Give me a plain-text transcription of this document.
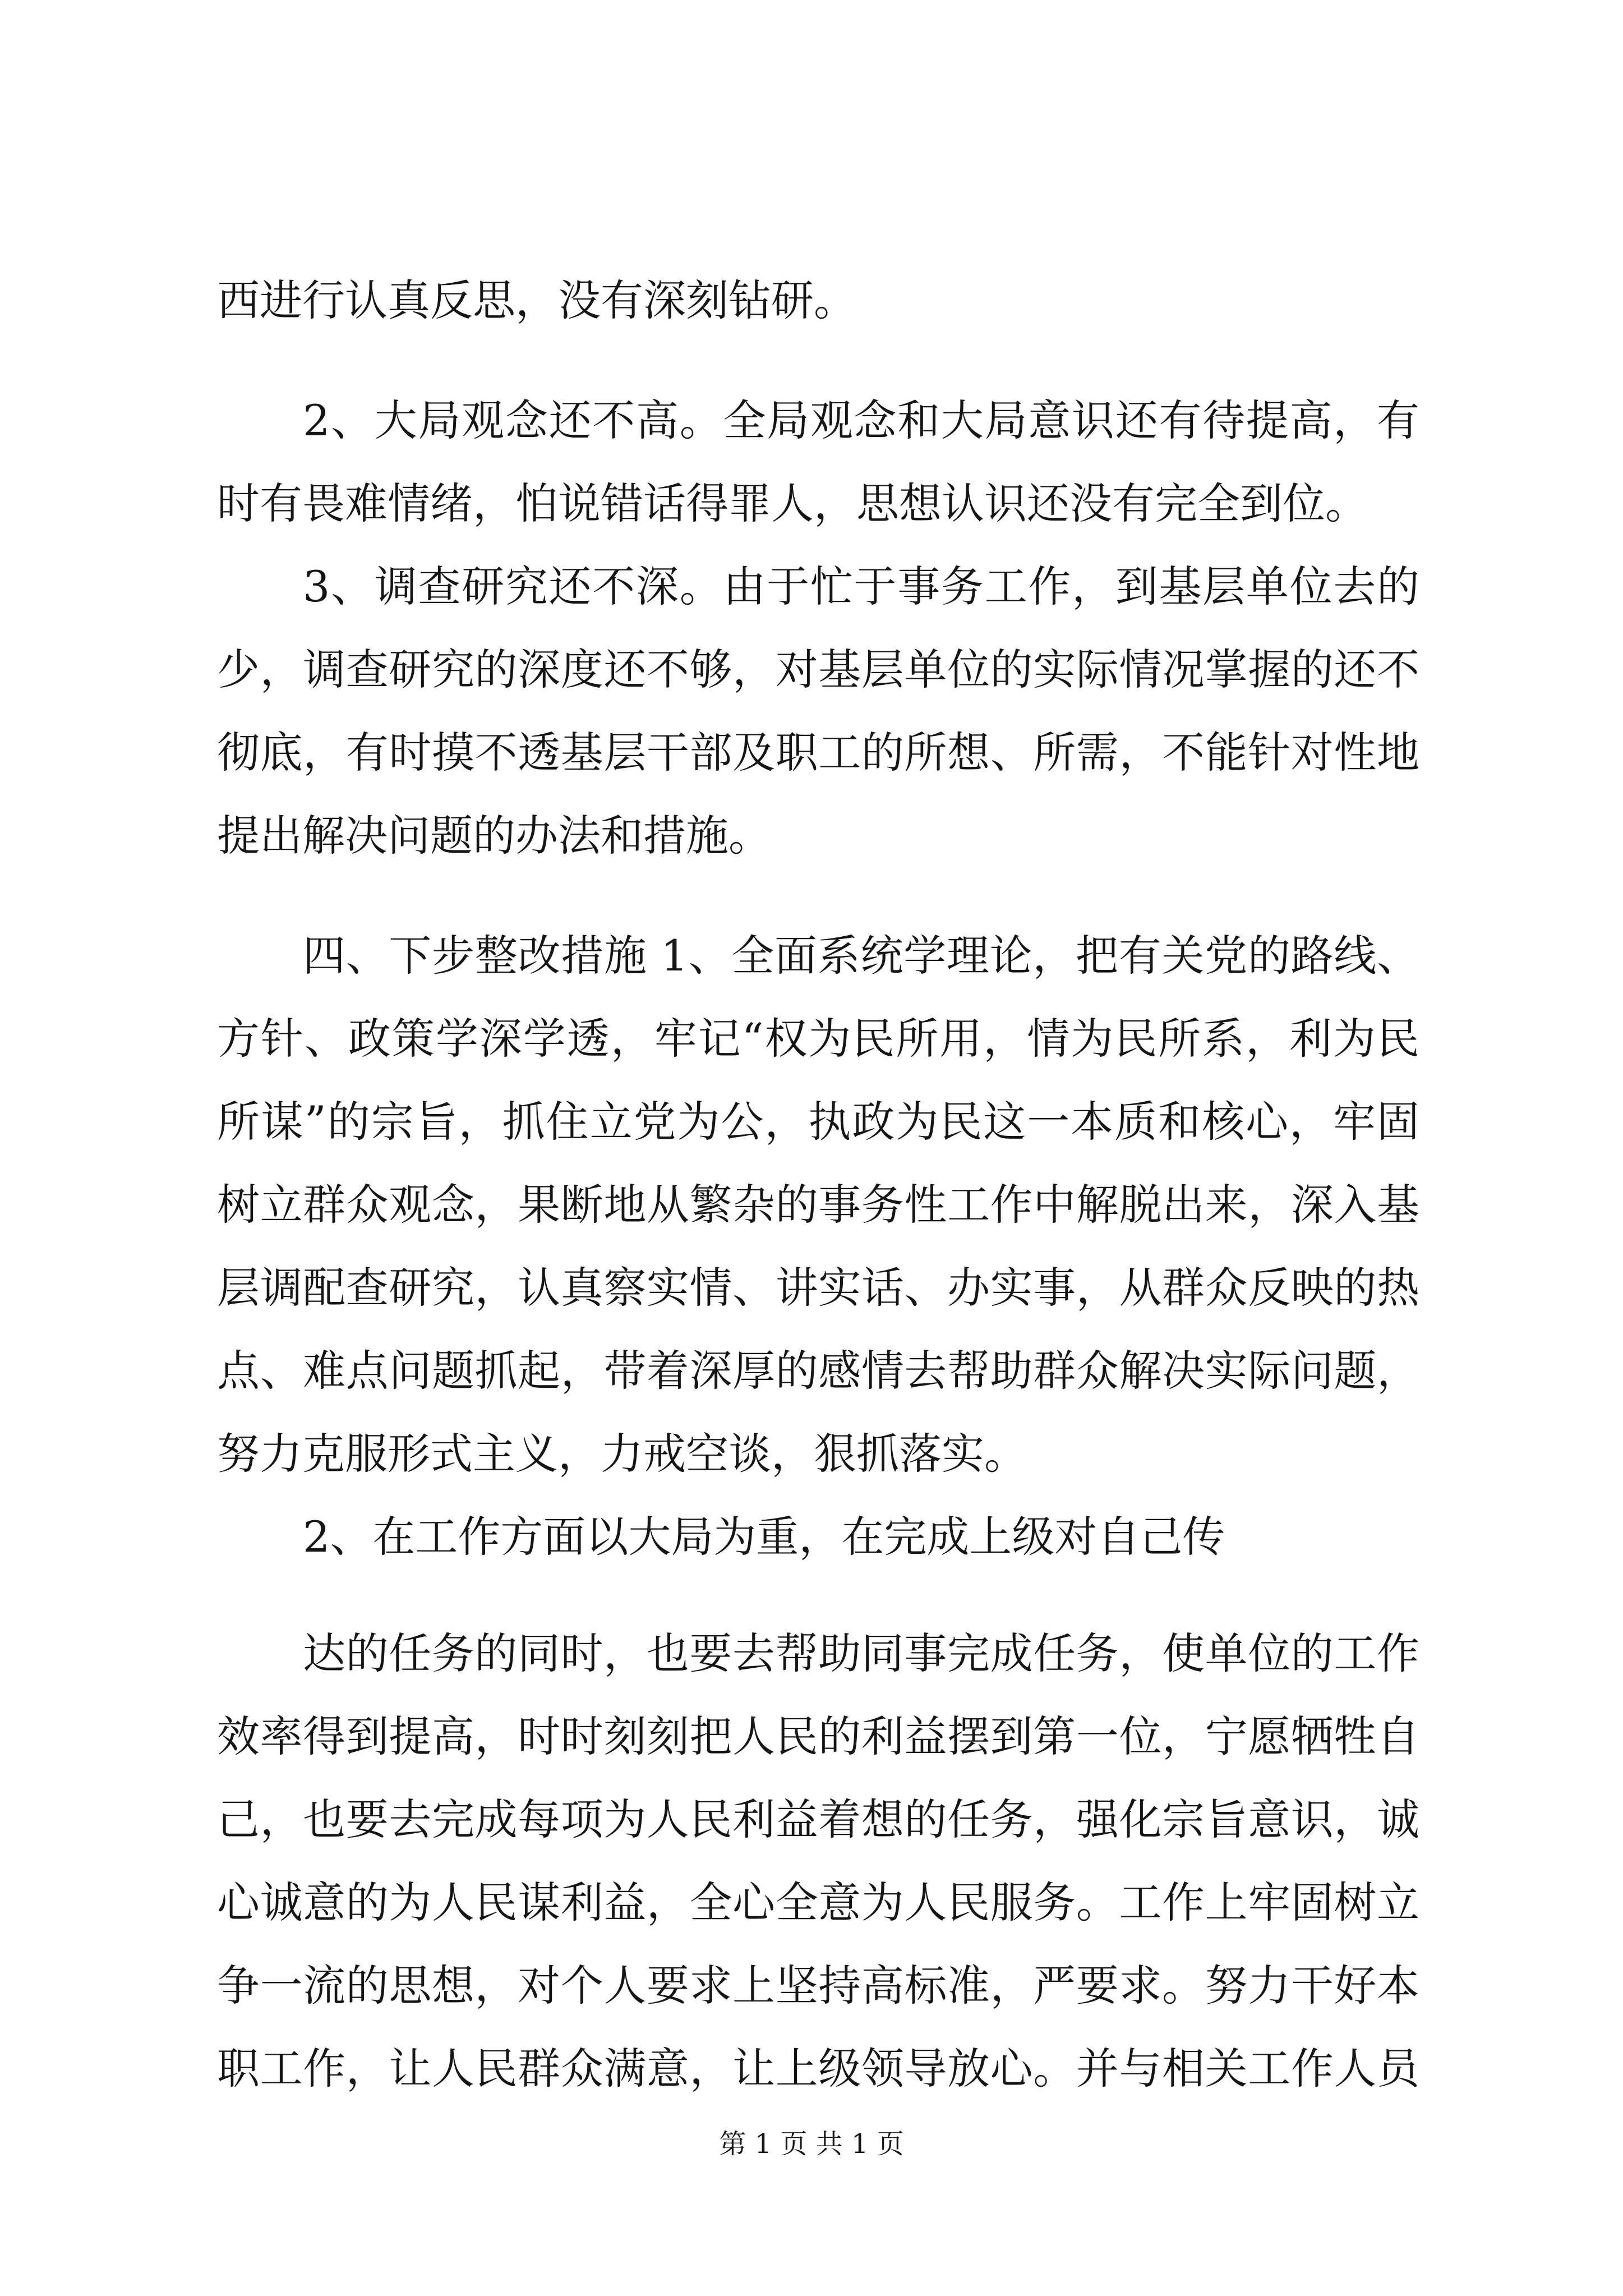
西进行认真反思，没有深刻钻研。
2、大局观念还不高。全局观念和大局意识还有待提高，有
时有畏难情绪，怕说错话得罪人，思想认识还没有完全到位。
3、调查研究还不深。由于忙于事务工作，到基层单位去的
少，调查研究的深度还不够，对基层单位的实际情况掌握的还不
彻底，有时摸不透基层干部及职工的所想、所需，不能针对性地
提出解决问题的办法和措施。
四、下步整改措施 1、全面系统学理论，把有关党的路线、
方针、政策学深学透，牢记“权为民所用，情为民所系，利为民
所谋”的宗旨，抓住立党为公，执政为民这一本质和核心，牢固
树立群众观念，果断地从繁杂的事务性工作中解脱出来，深入基
层调配查研究，认真察实情、讲实话、办实事，从群众反映的热
点、难点问题抓起，带着深厚的感情去帮助群众解决实际问题，
努力克服形式主义，力戒空谈，狠抓落实。
2、在工作方面以大局为重，在完成上级对自己传
达的任务的同时，也要去帮助同事完成任务，使单位的工作
效率得到提高，时时刻刻把人民的利益摆到第一位，宁愿牺牲自
己，也要去完成每项为人民利益着想的任务，强化宗旨意识，诚
心诚意的为人民谋利益，全心全意为人民服务。工作上牢固树立
争一流的思想，对个人要求上坚持高标准，严要求。努力干好本
职工作，让人民群众满意，让上级领导放心。并与相关工作人员
第 1 页 共 1 页
